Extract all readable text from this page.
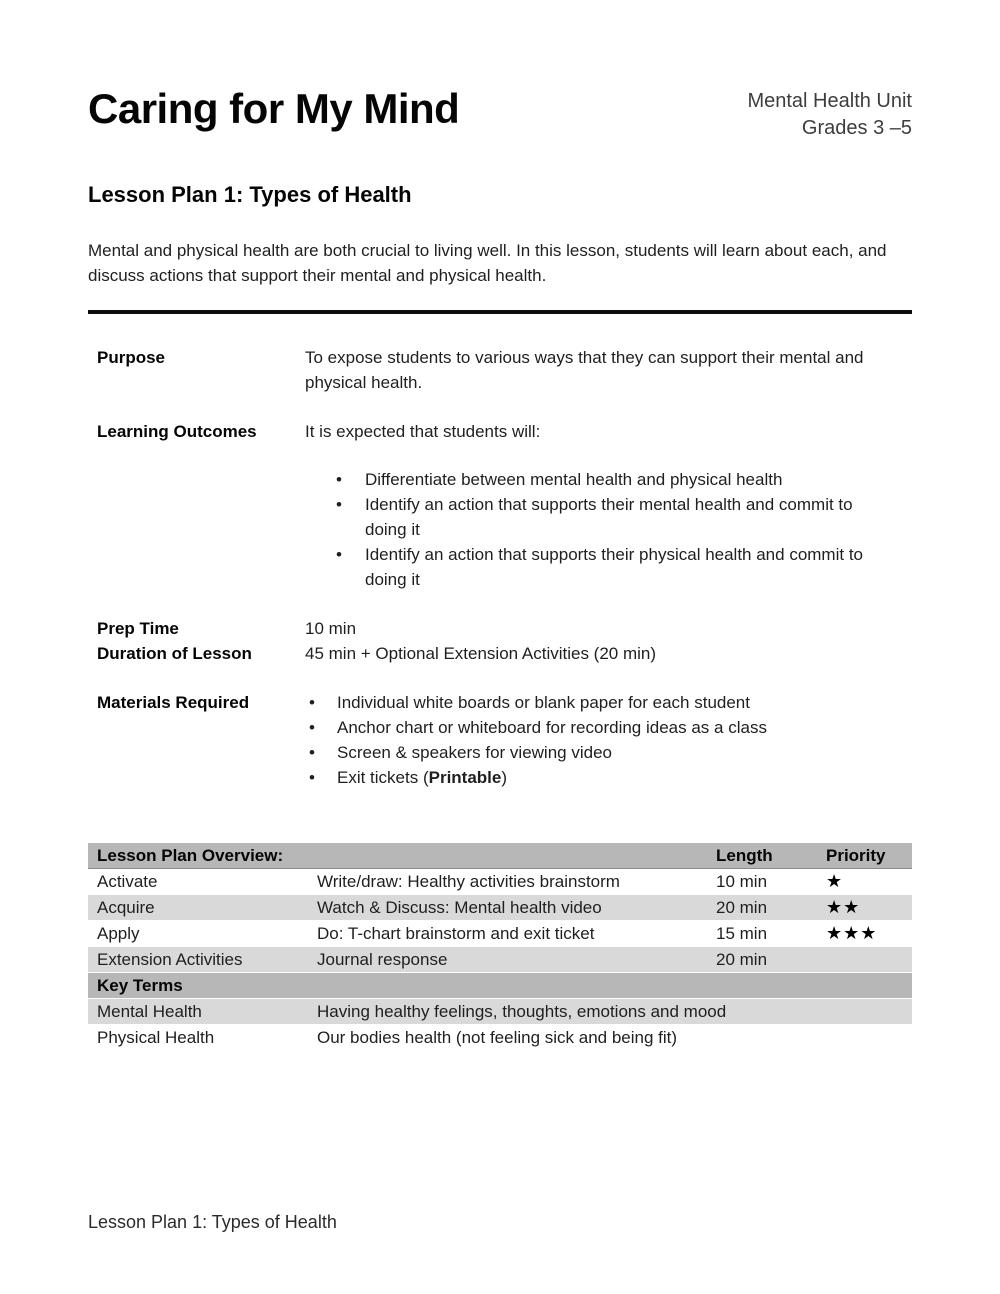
Caring for My Mind	Mental Health Unit
Grades 3 –5
Lesson Plan 1: Types of Health

Mental and physical health are both crucial to living well. In this lesson, students will learn about each, and discuss actions that support their mental and physical health.

Purpose	To expose students to various ways that they can support their mental and physical health.

Learning Outcomes	It is expected that students will:

• Differentiate between mental health and physical health
• Identify an action that supports their mental health and commit to doing it
• Identify an action that supports their physical health and commit to doing it
Prep Time	10 min
Duration of Lesson	45 min + Optional Extension Activities (20 min)
Materials Required	• Individual white boards or blank paper for each student
• Anchor chart or whiteboard for recording ideas as a class
• Screen & speakers for viewing video
• Exit tickets (Printable)
Lesson Plan Overview:		Length	Priority
Activate	Write/draw: Healthy activities brainstorm	10 min	★
Acquire	Watch & Discuss: Mental health video	20 min	★★
Apply	Do: T-chart brainstorm and exit ticket	15 min	★★★
Extension Activities	Journal response	20 min	
Key Terms			
Mental Health	Having healthy feelings, thoughts, emotions and mood		
Physical Health	Our bodies health (not feeling sick and being fit)		
Lesson Plan 1: Types of Health
